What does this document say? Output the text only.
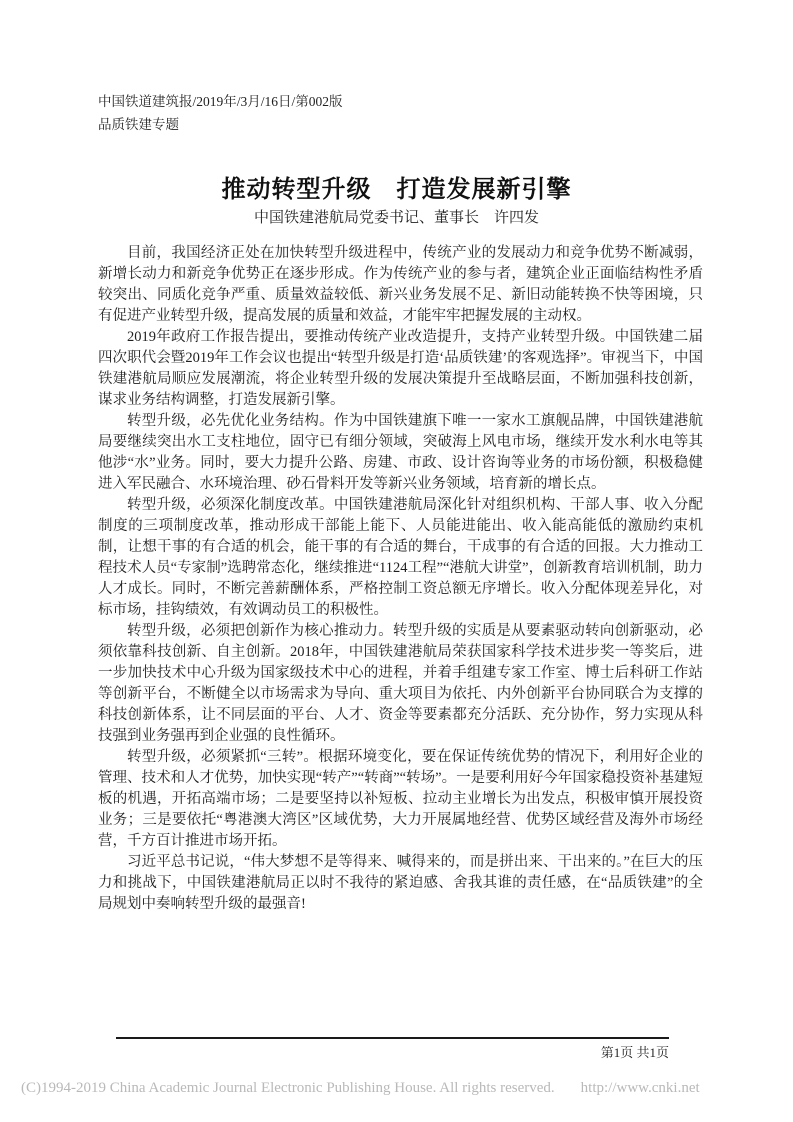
中国铁道建筑报/2019年/3月/16日/第002版
品质铁建专题
推动转型升级　打造发展新引擎
中国铁建港航局党委书记、董事长　许四发

目前，我国经济正处在加快转型升级进程中，传统产业的发展动力和竞争优势不断减弱，新增长动力和新竞争优势正在逐步形成。作为传统产业的参与者，建筑企业正面临结构性矛盾较突出、同质化竞争严重、质量效益较低、新兴业务发展不足、新旧动能转换不快等困境，只有促进产业转型升级，提高发展的质量和效益，才能牢牢把握发展的主动权。

2019年政府工作报告提出，要推动传统产业改造提升，支持产业转型升级。中国铁建二届四次职代会暨2019年工作会议也提出“转型升级是打造‘品质铁建’的客观选择”。审视当下，中国铁建港航局顺应发展潮流，将企业转型升级的发展决策提升至战略层面，不断加强科技创新，谋求业务结构调整，打造发展新引擎。

转型升级，必先优化业务结构。作为中国铁建旗下唯一一家水工旗舰品牌，中国铁建港航局要继续突出水工支柱地位，固守已有细分领域，突破海上风电市场，继续开发水利水电等其他涉“水”业务。同时，要大力提升公路、房建、市政、设计咨询等业务的市场份额，积极稳健进入军民融合、水环境治理、砂石骨料开发等新兴业务领域，培育新的增长点。

转型升级，必须深化制度改革。中国铁建港航局深化针对组织机构、干部人事、收入分配制度的三项制度改革，推动形成干部能上能下、人员能进能出、收入能高能低的激励约束机制，让想干事的有合适的机会，能干事的有合适的舞台，干成事的有合适的回报。大力推动工程技术人员“专家制”选聘常态化，继续推进“1124工程”“港航大讲堂”，创新教育培训机制，助力人才成长。同时，不断完善薪酬体系，严格控制工资总额无序增长。收入分配体现差异化，对标市场，挂钩绩效，有效调动员工的积极性。

转型升级，必须把创新作为核心推动力。转型升级的实质是从要素驱动转向创新驱动，必须依靠科技创新、自主创新。2018年，中国铁建港航局荣获国家科学技术进步奖一等奖后，进一步加快技术中心升级为国家级技术中心的进程，并着手组建专家工作室、博士后科研工作站等创新平台，不断健全以市场需求为导向、重大项目为依托、内外创新平台协同联合为支撑的科技创新体系，让不同层面的平台、人才、资金等要素都充分活跃、充分协作，努力实现从科技强到业务强再到企业强的良性循环。

转型升级，必须紧抓“三转”。根据环境变化，要在保证传统优势的情况下，利用好企业的管理、技术和人才优势，加快实现“转产”“转商”“转场”。一是要利用好今年国家稳投资补基建短板的机遇，开拓高端市场；二是要坚持以补短板、拉动主业增长为出发点，积极审慎开展投资业务；三是要依托“粤港澳大湾区”区域优势，大力开展属地经营、优势区域经营及海外市场经营，千方百计推进市场开拓。

习近平总书记说，“伟大梦想不是等得来、喊得来的，而是拼出来、干出来的。”在巨大的压力和挑战下，中国铁建港航局正以时不我待的紧迫感、舍我其谁的责任感，在“品质铁建”的全局规划中奏响转型升级的最强音!

第1页 共1页
(C)1994-2019 China Academic Journal Electronic Publishing House. All rights reserved. http://www.cnki.net
